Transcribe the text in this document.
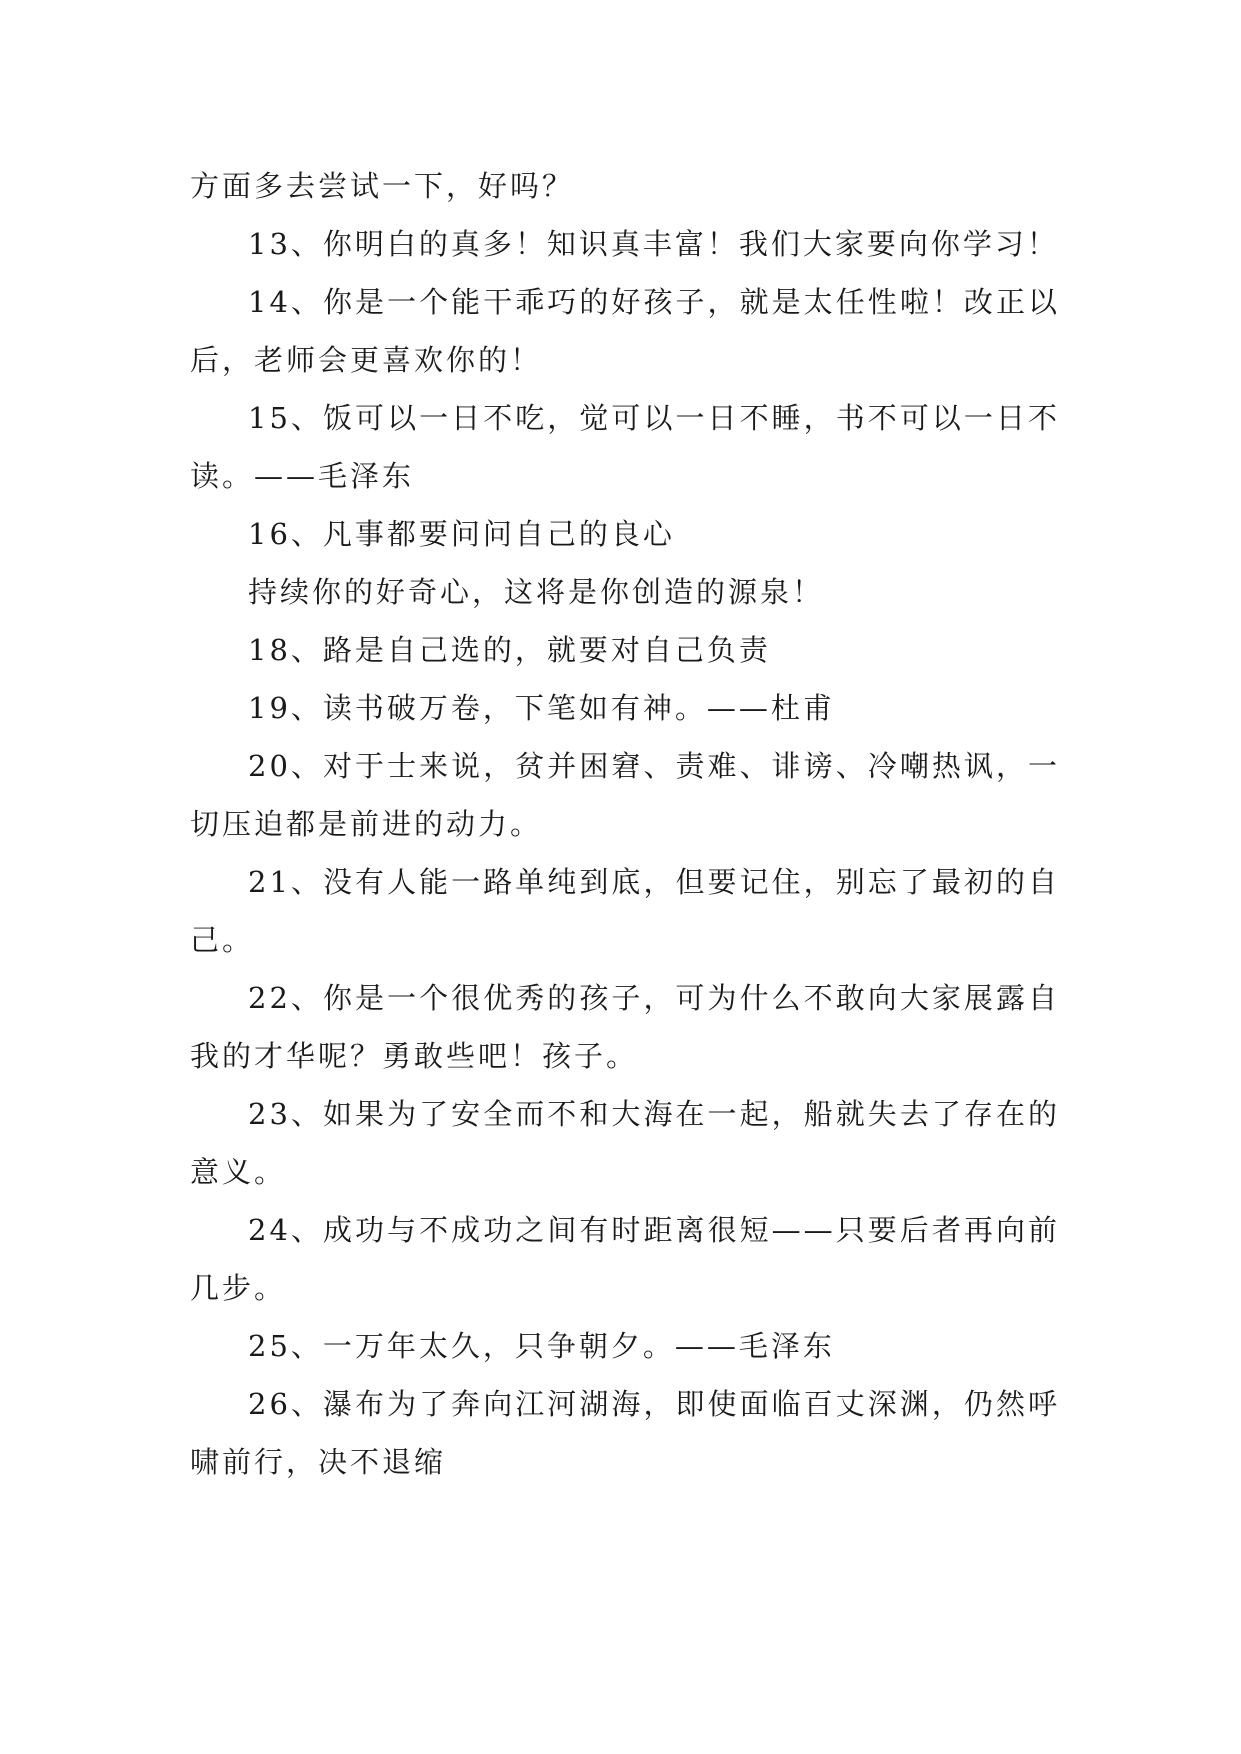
方面多去尝试一下，好吗？

13、你明白的真多！知识真丰富！我们大家要向你学习！

14、你是一个能干乖巧的好孩子，就是太任性啦！改正以后，老师会更喜欢你的！

15、饭可以一日不吃，觉可以一日不睡，书不可以一日不读。——毛泽东

16、凡事都要问问自己的良心

持续你的好奇心，这将是你创造的源泉！

18、路是自己选的，就要对自己负责

19、读书破万卷，下笔如有神。——杜甫

20、对于士来说，贫并困窘、责难、诽谤、冷嘲热讽，一切压迫都是前进的动力。

21、没有人能一路单纯到底，但要记住，别忘了最初的自己。

22、你是一个很优秀的孩子，可为什么不敢向大家展露自我的才华呢？勇敢些吧！孩子。

23、如果为了安全而不和大海在一起，船就失去了存在的意义。

24、成功与不成功之间有时距离很短——只要后者再向前几步。

25、一万年太久，只争朝夕。——毛泽东

26、瀑布为了奔向江河湖海，即使面临百丈深渊，仍然呼啸前行，决不退缩
